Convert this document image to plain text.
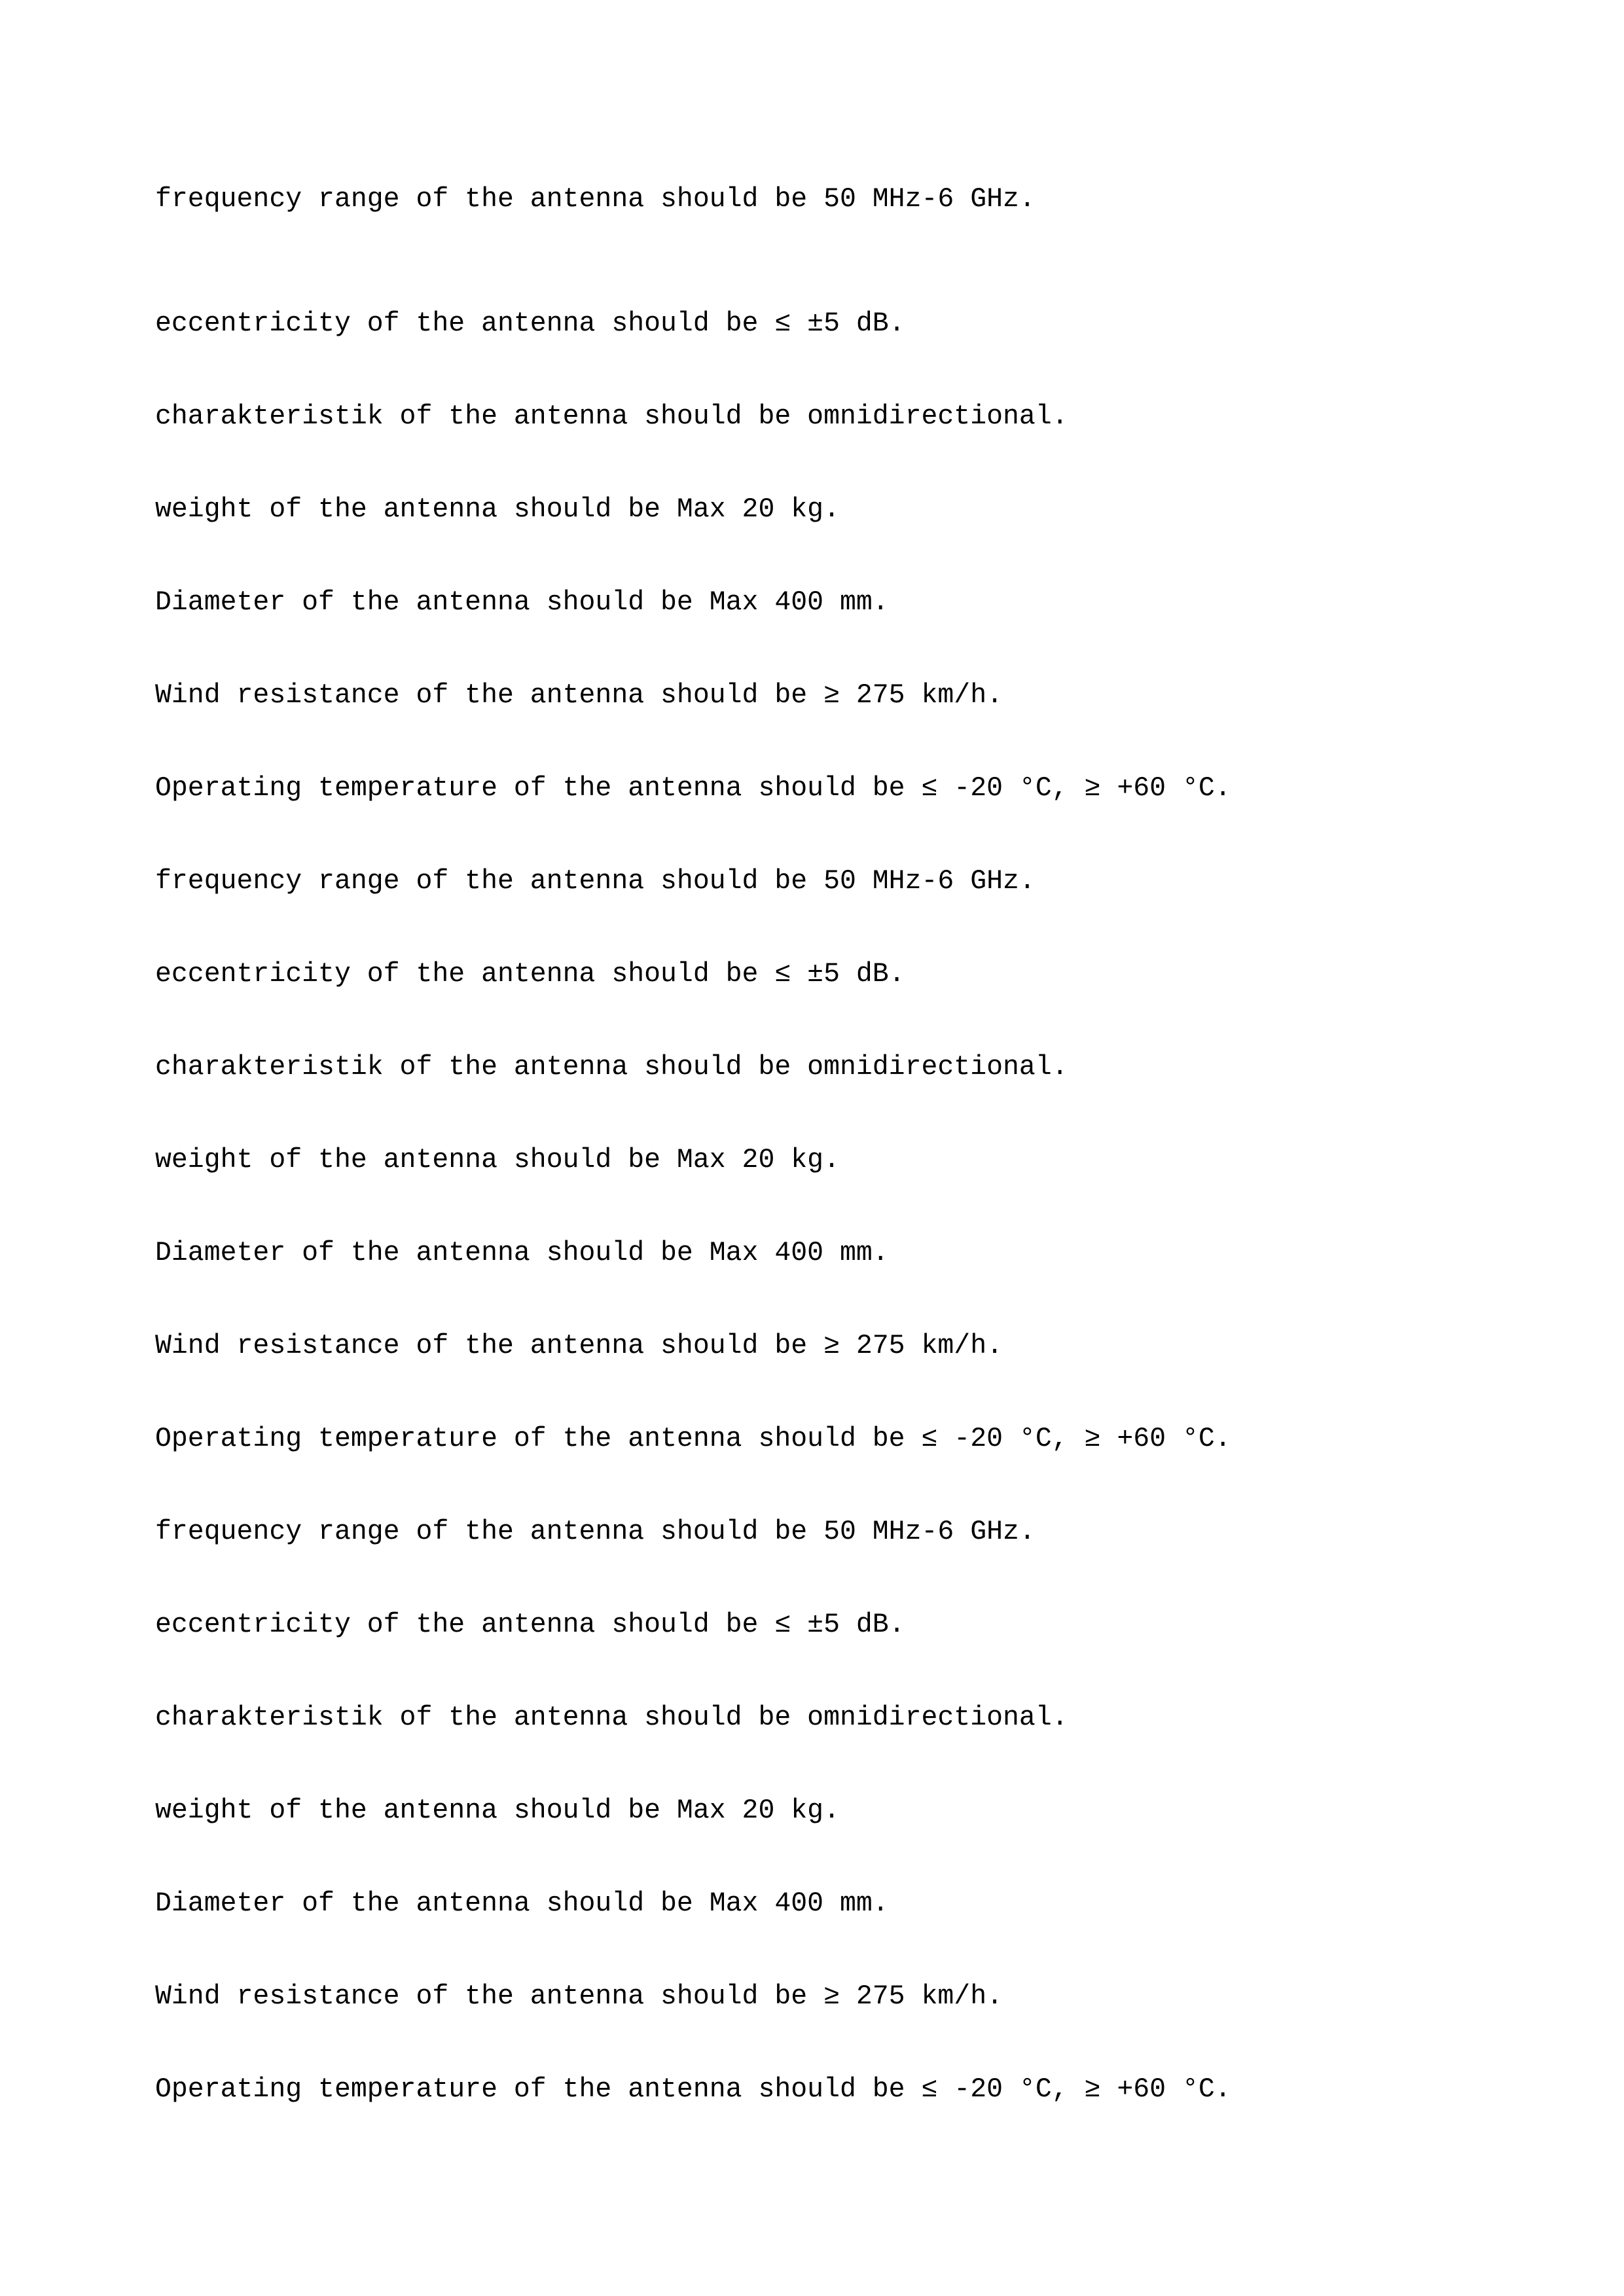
frequency range of the antenna should be 50 MHz-6 GHz.

eccentricity of the antenna should be ≤ ±5 dB.

charakteristik of the antenna should be omnidirectional.

weight of the antenna should be Max 20 kg.

Diameter of the antenna should be Max 400 mm.

Wind resistance of the antenna should be ≥ 275 km/h.

Operating temperature of the antenna should be ≤ -20 °C, ≥ +60 °C.

frequency range of the antenna should be 50 MHz-6 GHz.

eccentricity of the antenna should be ≤ ±5 dB.

charakteristik of the antenna should be omnidirectional.

weight of the antenna should be Max 20 kg.

Diameter of the antenna should be Max 400 mm.

Wind resistance of the antenna should be ≥ 275 km/h.

Operating temperature of the antenna should be ≤ -20 °C, ≥ +60 °C.

frequency range of the antenna should be 50 MHz-6 GHz.

eccentricity of the antenna should be ≤ ±5 dB.

charakteristik of the antenna should be omnidirectional.

weight of the antenna should be Max 20 kg.

Diameter of the antenna should be Max 400 mm.

Wind resistance of the antenna should be ≥ 275 km/h.

Operating temperature of the antenna should be ≤ -20 °C, ≥ +60 °C.
